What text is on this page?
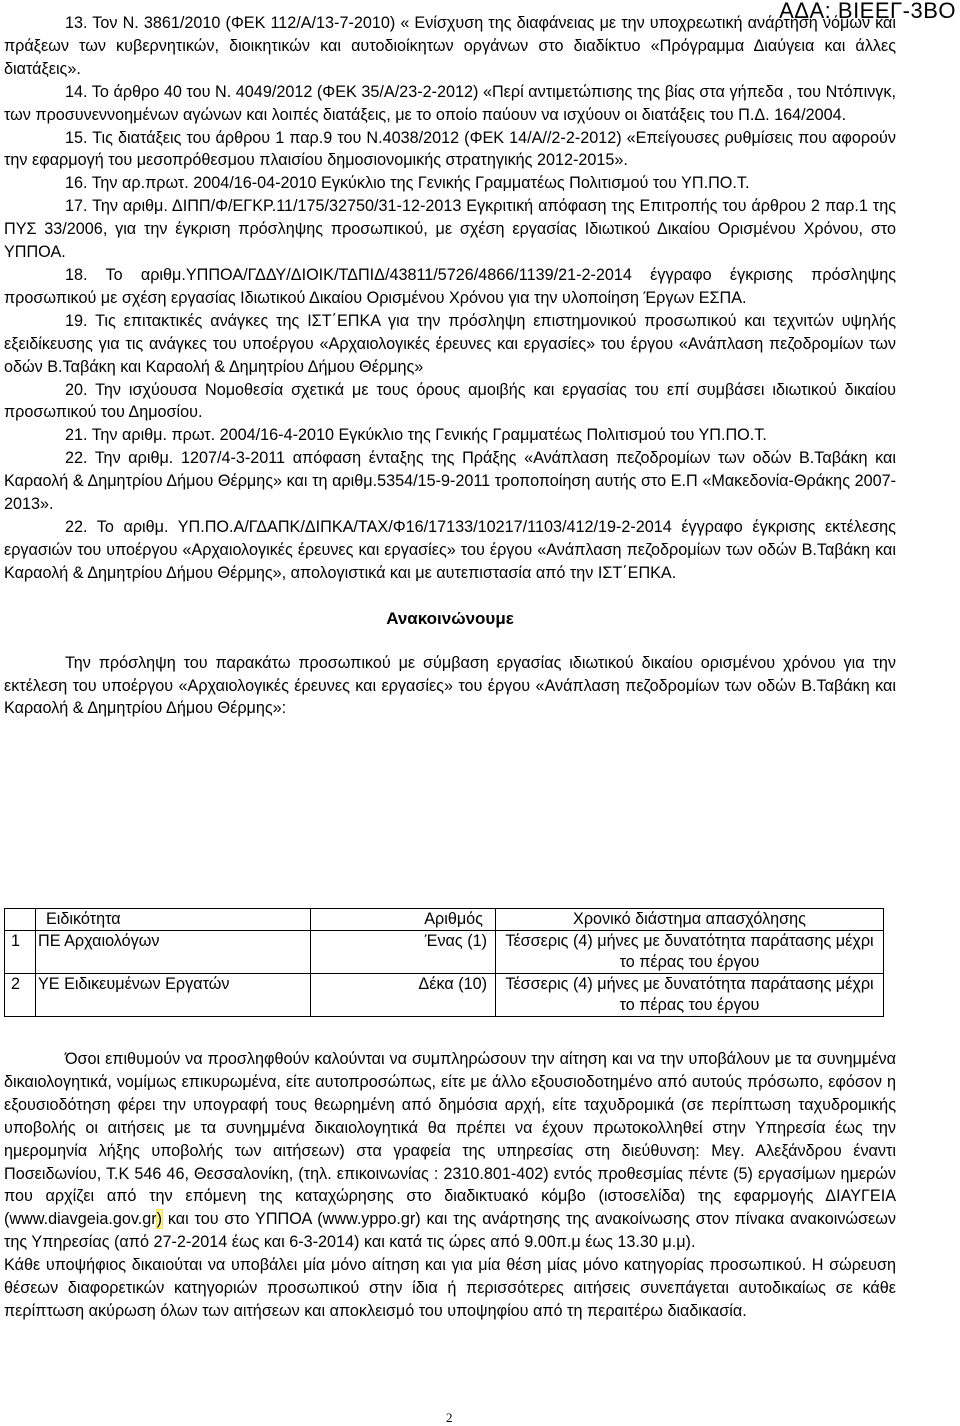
ΑΔΑ: ΒΙΕΕΓ-3ΒΟ

13. Τον Ν. 3861/2010 (ΦΕΚ 112/Α/13-7-2010) « Ενίσχυση της διαφάνειας με την υποχρεωτική ανάρτηση νόμων και πράξεων των κυβερνητικών, διοικητικών και αυτοδιοίκητων οργάνων στο διαδίκτυο «Πρόγραμμα Διαύγεια και άλλες διατάξεις».

14. Το άρθρο 40 του Ν. 4049/2012 (ΦΕΚ 35/Α/23-2-2012) «Περί αντιμετώπισης της βίας στα γήπεδα , του Ντόπινγκ, των προσυνεννοημένων αγώνων και λοιπές διατάξεις, με το οποίο παύουν να ισχύουν οι διατάξεις του Π.Δ. 164/2004.

15. Τις διατάξεις του άρθρου 1 παρ.9 του Ν.4038/2012 (ΦΕΚ 14/Α//2-2-2012) «Επείγουσες ρυθμίσεις που αφορούν την εφαρμογή του μεσοπρόθεσμου πλαισίου δημοσιονομικής στρατηγικής 2012-2015».

16. Την αρ.πρωτ. 2004/16-04-2010 Εγκύκλιο της Γενικής Γραμματέως Πολιτισμού του ΥΠ.ΠΟ.Τ.

17. Την αριθμ. ΔΙΠΠ/Φ/ΕΓΚΡ.11/175/32750/31-12-2013 Εγκριτική απόφαση της Επιτροπής του άρθρου 2 παρ.1 της ΠΥΣ 33/2006, για την έγκριση πρόσληψης προσωπικού, με σχέση εργασίας Ιδιωτικού Δικαίου Ορισμένου Χρόνου, στο ΥΠΠΟΑ.

18. Το αριθμ.ΥΠΠΟΑ/ΓΔΔΥ/ΔΙΟΙΚ/ΤΔΠΙΔ/43811/5726/4866/1139/21-2-2014 έγγραφο έγκρισης πρόσληψης προσωπικού με σχέση εργασίας Ιδιωτικού Δικαίου Ορισμένου Χρόνου για την υλοποίηση Έργων ΕΣΠΑ.

19. Τις επιτακτικές ανάγκες της ΙΣΤ΄ΕΠΚΑ για την πρόσληψη επιστημονικού προσωπικού και τεχνιτών υψηλής εξειδίκευσης για τις ανάγκες του υποέργου «Αρχαιολογικές έρευνες και εργασίες» του έργου «Ανάπλαση πεζοδρομίων των οδών Β.Ταβάκη και Καραολή & Δημητρίου Δήμου Θέρμης»

20. Την ισχύουσα Νομοθεσία σχετικά με τους όρους αμοιβής και εργασίας του επί συμβάσει ιδιωτικού δικαίου προσωπικού του Δημοσίου.

21. Την αριθμ. πρωτ. 2004/16-4-2010 Εγκύκλιο της Γενικής Γραμματέως Πολιτισμού του ΥΠ.ΠΟ.Τ.

22. Την αριθμ. 1207/4-3-2011 απόφαση ένταξης της Πράξης «Ανάπλαση πεζοδρομίων των οδών Β.Ταβάκη και Καραολή & Δημητρίου Δήμου Θέρμης» και τη αριθμ.5354/15-9-2011 τροποποίηση αυτής στο Ε.Π «Μακεδονία-Θράκης 2007-2013».

22. Το αριθμ. ΥΠ.ΠΟ.Α/ΓΔΑΠΚ/ΔΙΠΚΑ/ΤΑΧ/Φ16/17133/10217/1103/412/19-2-2014 έγγραφο έγκρισης εκτέλεσης εργασιών του υποέργου «Αρχαιολογικές έρευνες και εργασίες» του έργου «Ανάπλαση πεζοδρομίων των οδών Β.Ταβάκη και Καραολή & Δημητρίου Δήμου Θέρμης», απολογιστικά και με αυτεπιστασία από την ΙΣΤ΄ΕΠΚΑ.

Ανακοινώνουμε

Την πρόσληψη του παρακάτω προσωπικού με σύμβαση εργασίας ιδιωτικού δικαίου ορισμένου χρόνου για την εκτέλεση του υποέργου «Αρχαιολογικές έρευνες και εργασίες» του έργου «Ανάπλαση πεζοδρομίων των οδών Β.Ταβάκη και Καραολή & Δημητρίου Δήμου Θέρμης»:

	Ειδικότητα	Αριθμός	Χρονικό διάστημα απασχόλησης
1	ΠΕ Αρχαιολόγων	Ένας (1)	Τέσσερις (4) μήνες με δυνατότητα παράτασης μέχρι το πέρας του έργου
2	ΥΕ Ειδικευμένων Εργατών	Δέκα (10)	Τέσσερις (4) μήνες με δυνατότητα παράτασης μέχρι το πέρας του έργου

Όσοι επιθυμούν να προσληφθούν καλούνται να συμπληρώσουν την αίτηση και να την υποβάλουν με τα συνημμένα δικαιολογητικά, νομίμως επικυρωμένα, είτε αυτοπροσώπως, είτε με άλλο εξουσιοδοτημένο από αυτούς πρόσωπο, εφόσον η εξουσιοδότηση φέρει την υπογραφή τους θεωρημένη από δημόσια αρχή, είτε ταχυδρομικά (σε περίπτωση ταχυδρομικής υποβολής οι αιτήσεις με τα συνημμένα δικαιολογητικά θα πρέπει να έχουν πρωτοκολληθεί στην Υπηρεσία έως την ημερομηνία λήξης υποβολής των αιτήσεων) στα γραφεία της υπηρεσίας στη διεύθυνση: Μεγ. Αλεξάνδρου έναντι Ποσειδωνίου, Τ.Κ 546 46, Θεσσαλονίκη, (τηλ. επικοινωνίας : 2310.801-402) εντός προθεσμίας πέντε (5) εργασίμων ημερών που αρχίζει από την επόμενη της καταχώρησης στο διαδικτυακό κόμβο (ιστοσελίδα) της εφαρμογής ΔΙΑΥΓΕΙΑ (www.diavgeia.gov.gr) και του στο ΥΠΠΟΑ (www.yppo.gr) και της ανάρτησης της ανακοίνωσης στον πίνακα ανακοινώσεων της Υπηρεσίας (από 27-2-2014 έως και 6-3-2014) και κατά τις ώρες από 9.00π.μ έως 13.30 μ.μ).

Κάθε υποψήφιος δικαιούται να υποβάλει μία μόνο αίτηση και για μία θέση μίας μόνο κατηγορίας προσωπικού. Η σώρευση θέσεων διαφορετικών κατηγοριών προσωπικού στην ίδια ή περισσότερες αιτήσεις συνεπάγεται αυτοδικαίως σε κάθε περίπτωση ακύρωση όλων των αιτήσεων και αποκλεισμό του υποψηφίου από τη περαιτέρω διαδικασία.

2
